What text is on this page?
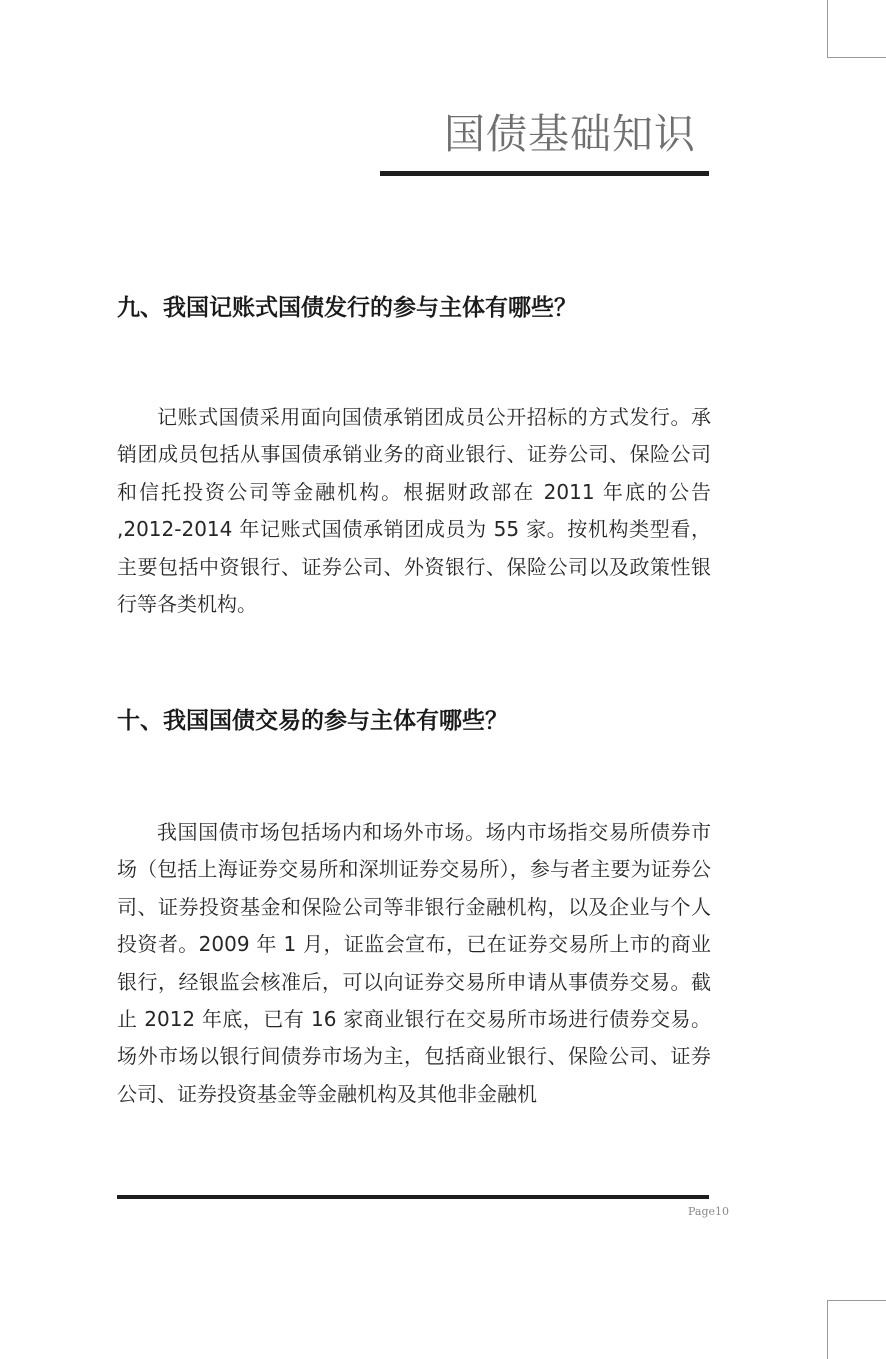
国债基础知识
九、我国记账式国债发行的参与主体有哪些？

记账式国债采用面向国债承销团成员公开招标的方式发行。承销团成员包括从事国债承销业务的商业银行、证券公司、保险公司和信托投资公司等金融机构。根据财政部在 2011 年底的公告 ,2012-2014 年记账式国债承销团成员为 55 家。按机构类型看，主要包括中资银行、证券公司、外资银行、保险公司以及政策性银行等各类机构。

十、我国国债交易的参与主体有哪些？

我国国债市场包括场内和场外市场。场内市场指交易所债券市场（包括上海证券交易所和深圳证券交易所），参与者主要为证券公司、证券投资基金和保险公司等非银行金融机构，以及企业与个人投资者。2009 年 1 月，证监会宣布，已在证券交易所上市的商业银行，经银监会核准后，可以向证券交易所申请从事债券交易。截止 2012 年底，已有 16 家商业银行在交易所市场进行债券交易。场外市场以银行间债券市场为主，包括商业银行、保险公司、证券公司、证券投资基金等金融机构及其他非金融机

Page10
